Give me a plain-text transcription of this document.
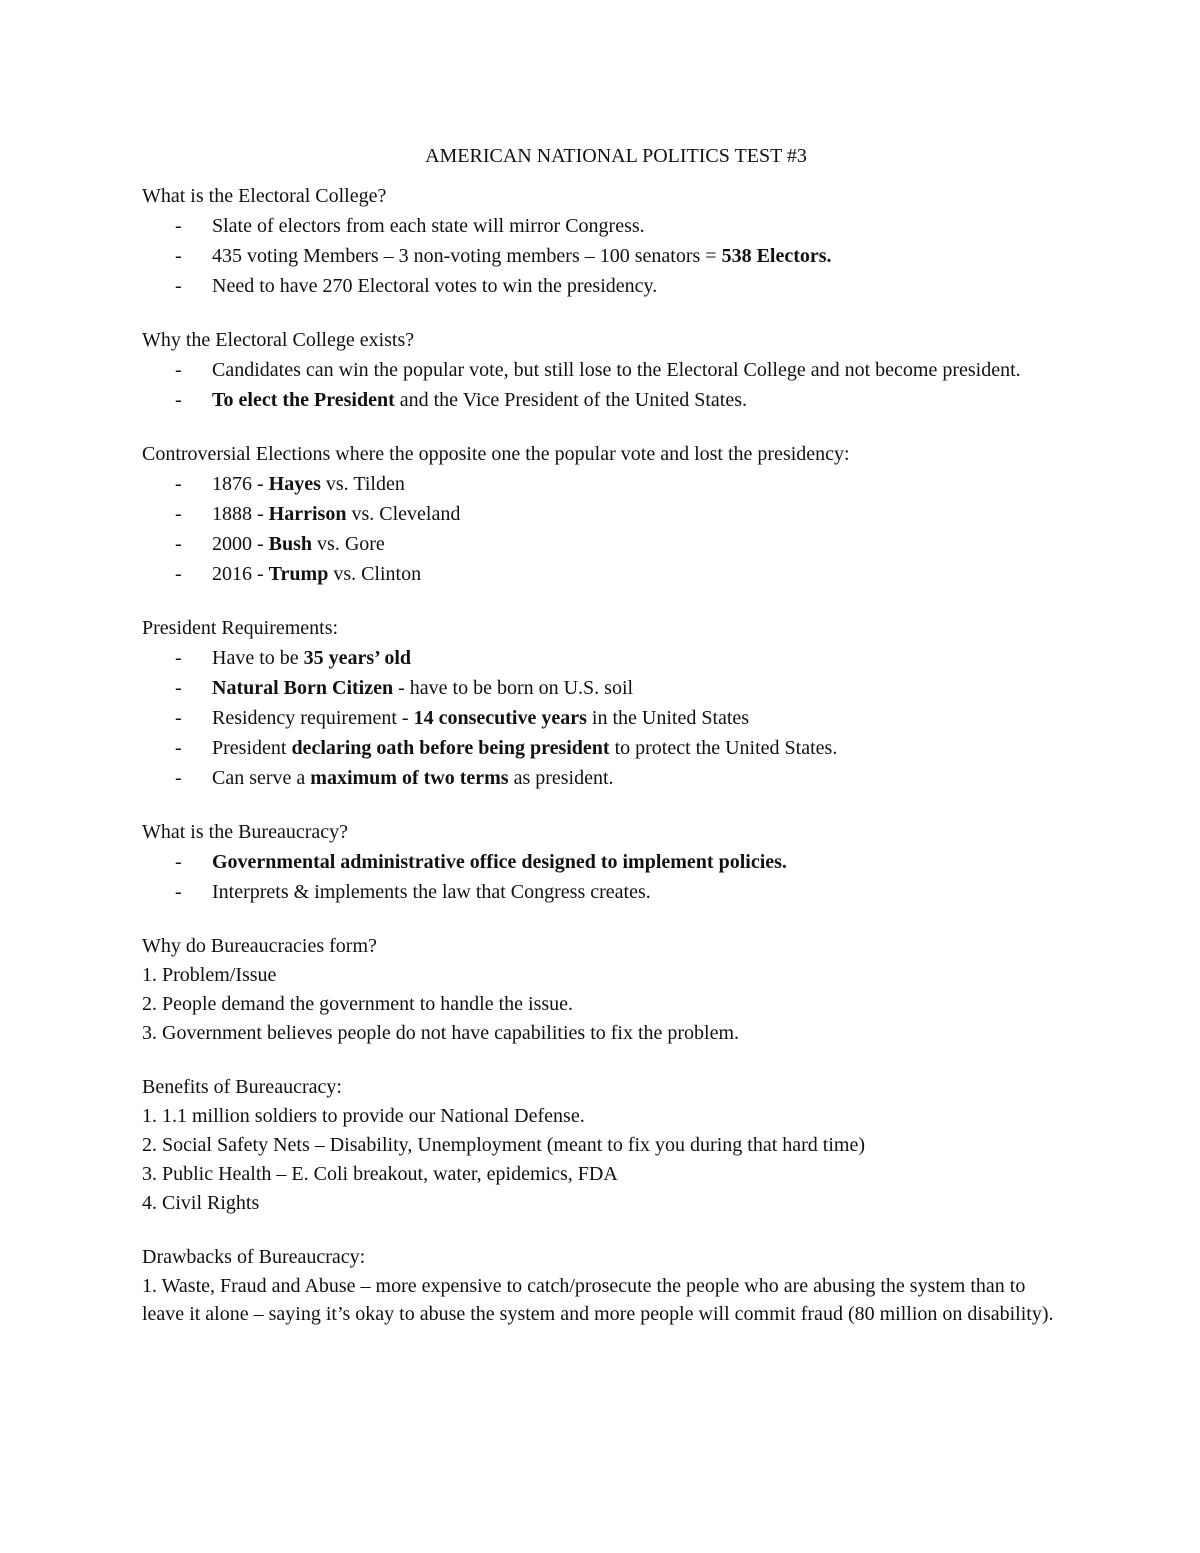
AMERICAN NATIONAL POLITICS TEST #3

What is the Electoral College?

- Slate of electors from each state will mirror Congress.
- 435 voting Members – 3 non-voting members – 100 senators = 538 Electors.
- Need to have 270 Electoral votes to win the presidency.

Why the Electoral College exists?

- Candidates can win the popular vote, but still lose to the Electoral College and not become president.
- To elect the President and the Vice President of the United States.

Controversial Elections where the opposite one the popular vote and lost the presidency:

- 1876 - Hayes vs. Tilden
- 1888 - Harrison vs. Cleveland
- 2000 - Bush vs. Gore
- 2016 - Trump vs. Clinton

President Requirements:

- Have to be 35 years’ old
- Natural Born Citizen - have to be born on U.S. soil
- Residency requirement - 14 consecutive years in the United States
- President declaring oath before being president to protect the United States.
- Can serve a maximum of two terms as president.

What is the Bureaucracy?

- Governmental administrative office designed to implement policies.
- Interprets & implements the law that Congress creates.

Why do Bureaucracies form?

1. Problem/Issue
2. People demand the government to handle the issue.
3. Government believes people do not have capabilities to fix the problem.

Benefits of Bureaucracy:

1. 1.1 million soldiers to provide our National Defense.
2. Social Safety Nets – Disability, Unemployment (meant to fix you during that hard time)
3. Public Health – E. Coli breakout, water, epidemics, FDA
4. Civil Rights

Drawbacks of Bureaucracy:

1. Waste, Fraud and Abuse – more expensive to catch/prosecute the people who are abusing the system than to leave it alone – saying it’s okay to abuse the system and more people will commit fraud (80 million on disability).
